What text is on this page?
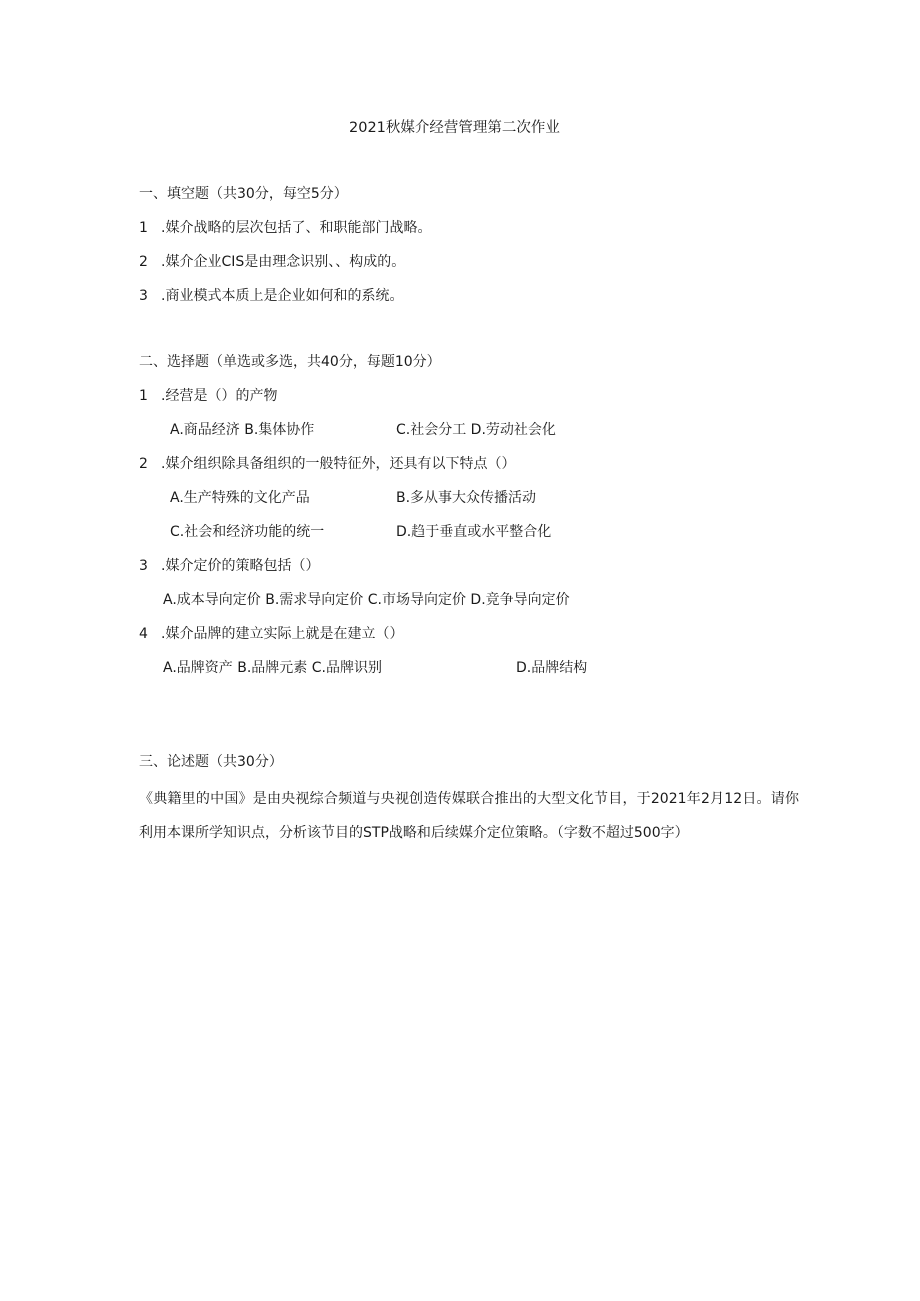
2021秋媒介经营管理第二次作业
一、填空题（共30分，每空5分）
1 .媒介战略的层次包括了、和职能部门战略。
2 .媒介企业CIS是由理念识别、、构成的。
3 .商业模式本质上是企业如何和的系统。
二、选择题（单选或多选，共40分，每题10分）
1 .经营是（）的产物
A.商品经济 B.集体协作	C.社会分工 D.劳动社会化
2 .媒介组织除具备组织的一般特征外，还具有以下特点（）
A.生产特殊的文化产品	B.多从事大众传播活动
C.社会和经济功能的统一	D.趋于垂直或水平整合化
3 .媒介定价的策略包括（）
A.成本导向定价 B.需求导向定价 C.市场导向定价 D.竞争导向定价
4 .媒介品牌的建立实际上就是在建立（）
A.品牌资产 B.品牌元素 C.品牌识别	D.品牌结构
三、论述题（共30分）
《典籍里的中国》是由央视综合频道与央视创造传媒联合推出的大型文化节目，于2021年2月12日。请你利用本课所学知识点，分析该节目的STP战略和后续媒介定位策略。（字数不超过500字）
